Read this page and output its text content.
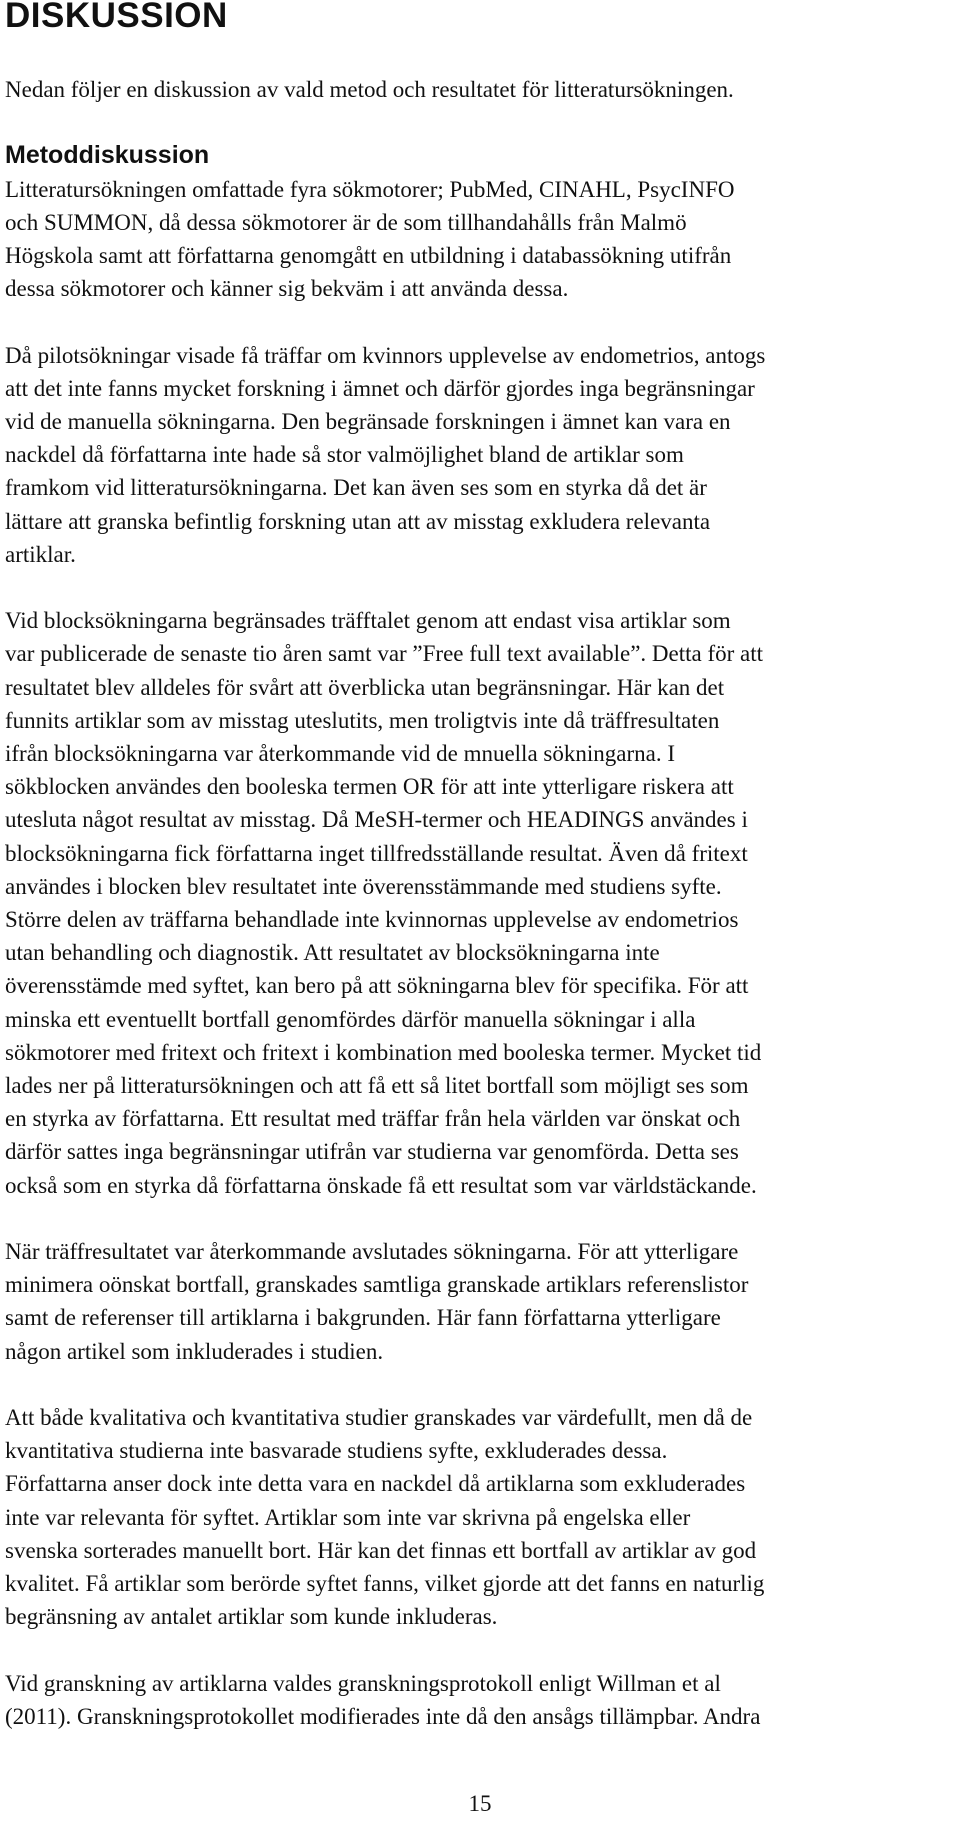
DISKUSSION

Nedan följer en diskussion av vald metod och resultatet för litteratursökningen.

Metoddiskussion
Litteratursökningen omfattade fyra sökmotorer; PubMed, CINAHL, PsycINFO
och SUMMON, då dessa sökmotorer är de som tillhandahålls från Malmö
Högskola samt att författarna genomgått en utbildning i databassökning utifrån
dessa sökmotorer och känner sig bekväm i att använda dessa.

Då pilotsökningar visade få träffar om kvinnors upplevelse av endometrios, antogs
att det inte fanns mycket forskning i ämnet och därför gjordes inga begränsningar
vid de manuella sökningarna. Den begränsade forskningen i ämnet kan vara en
nackdel då författarna inte hade så stor valmöjlighet bland de artiklar som
framkom vid litteratursökningarna. Det kan även ses som en styrka då det är
lättare att granska befintlig forskning utan att av misstag exkludera relevanta
artiklar.

Vid blocksökningarna begränsades träfftalet genom att endast visa artiklar som
var publicerade de senaste tio åren samt var ”Free full text available”. Detta för att
resultatet blev alldeles för svårt att överblicka utan begränsningar. Här kan det
funnits artiklar som av misstag uteslutits, men troligtvis inte då träffresultaten
ifrån blocksökningarna var återkommande vid de mnuella sökningarna. I
sökblocken användes den booleska termen OR för att inte ytterligare riskera att
utesluta något resultat av misstag. Då MeSH-termer och HEADINGS användes i
blocksökningarna fick författarna inget tillfredsställande resultat. Även då fritext
användes i blocken blev resultatet inte överensstämmande med studiens syfte.
Större delen av träffarna behandlade inte kvinnornas upplevelse av endometrios
utan behandling och diagnostik. Att resultatet av blocksökningarna inte
överensstämde med syftet, kan bero på att sökningarna blev för specifika. För att
minska ett eventuellt bortfall genomfördes därför manuella sökningar i alla
sökmotorer med fritext och fritext i kombination med booleska termer. Mycket tid
lades ner på litteratursökningen och att få ett så litet bortfall som möjligt ses som
en styrka av författarna. Ett resultat med träffar från hela världen var önskat och
därför sattes inga begränsningar utifrån var studierna var genomförda. Detta ses
också som en styrka då författarna önskade få ett resultat som var världstäckande.

När träffresultatet var återkommande avslutades sökningarna. För att ytterligare
minimera oönskat bortfall, granskades samtliga granskade artiklars referenslistor
samt de referenser till artiklarna i bakgrunden. Här fann författarna ytterligare
någon artikel som inkluderades i studien.

Att både kvalitativa och kvantitativa studier granskades var värdefullt, men då de
kvantitativa studierna inte basvarade studiens syfte, exkluderades dessa.
Författarna anser dock inte detta vara en nackdel då artiklarna som exkluderades
inte var relevanta för syftet. Artiklar som inte var skrivna på engelska eller
svenska sorterades manuellt bort. Här kan det finnas ett bortfall av artiklar av god
kvalitet. Få artiklar som berörde syftet fanns, vilket gjorde att det fanns en naturlig
begränsning av antalet artiklar som kunde inkluderas.

Vid granskning av artiklarna valdes granskningsprotokoll enligt Willman et al
(2011). Granskningsprotokollet modifierades inte då den ansågs tillämpbar. Andra

15
